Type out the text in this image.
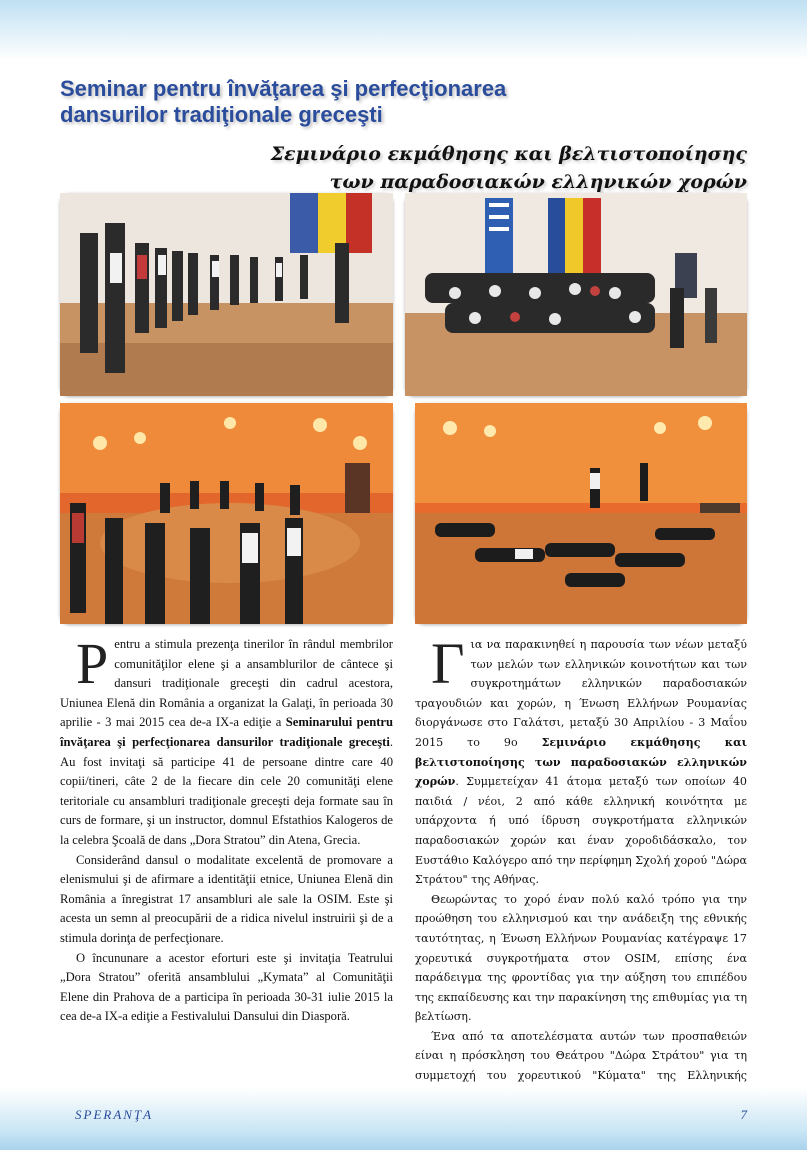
Seminar pentru învăţarea şi perfecţionarea
dansurilor tradiţionale greceşti
Σεμινάριο εκμάθησης και βελτιστοποίησης
των παραδοσιακών ελληνικών χορών
P entru a stimula prezenţa tinerilor în rândul membrilor comunităţilor elene şi a ansamblurilor de cântece şi dansuri tradiţionale greceşti din cadrul acestora, Uniunea Elenă din România a organizat la Galaţi, în perioada 30 aprilie - 3 mai 2015 cea de-a IX-a ediţie a Seminarului pentru învăţarea şi perfecţionarea dansurilor tradiţionale greceşti. Au fost invitaţi să participe 41 de persoane dintre care 40 copii/tineri, câte 2 de la fiecare din cele 20 comunităţi elene teritoriale cu ansambluri tradiţionale greceşti deja formate sau în curs de formare, şi un instructor, domnul Efstathios Kalogeros de la celebra Şcoală de dans „Dora Stratou” din Atena, Grecia.

Considerând dansul o modalitate excelentă de promovare a elenismului şi de afirmare a identităţii etnice, Uniunea Elenă din România a înregistrat 17 ansambluri ale sale la OSIM. Este şi acesta un semn al preocupării de a ridica nivelul instruirii şi de a stimula dorinţa de perfecţionare.

O încununare a acestor eforturi este şi invitaţia Teatrului „Dora Stratou” oferită ansamblului „Kymata” al Comunităţii Elene din Prahova de a participa în perioada 30-31 iulie 2015 la cea de-a IX-a ediţie a Festivalului Dansului din Diasporă.

Γ ια να παρακινηθεί η παρουσία των νέων μεταξύ των μελών των ελληνικών κοινοτήτων και των συγκροτημάτων ελληνικών παραδοσιακών τραγουδιών και χορών, η Ένωση Ελλήνων Ρουμανίας διοργάνωσε στο Γαλάτσι, μεταξύ 30 Απριλίου - 3 Μαΐου 2015 το 9ο Σεμινάριο εκμάθησης και βελτιστοποίησης των παραδοσιακών ελληνικών χορών. Συμμετείχαν 41 άτομα μεταξύ των οποίων 40 παιδιά / νέοι, 2 από κάθε ελληνική κοινότητα με υπάρχοντα ή υπό ίδρυση συγκροτήματα ελληνικών παραδοσιακών χορών και έναν χοροδιδάσκαλο, τον Ευστάθιο Καλόγερο από την περίφημη Σχολή χορού "Δώρα Στράτου" της Αθήνας.

Θεωρώντας το χορό έναν πολύ καλό τρόπο για την προώθηση του ελληνισμού και την ανάδειξη της εθνικής ταυτότητας, η Ένωση Ελλήνων Ρουμανίας κατέγραψε 17 χορευτικά συγκροτήματα στον OSIM, επίσης ένα παράδειγμα της φροντίδας για την αύξηση του επιπέδου της εκπαίδευσης και την παρακίνηση της επιθυμίας για τη βελτίωση.

Ένα από τα αποτελέσματα αυτών των προσπαθειών είναι η πρόσκληση του Θεάτρου "Δώρα Στράτου" για τη συμμετοχή του χορευτικού "Κύματα" της Ελληνικής

SPERANŢA	7
